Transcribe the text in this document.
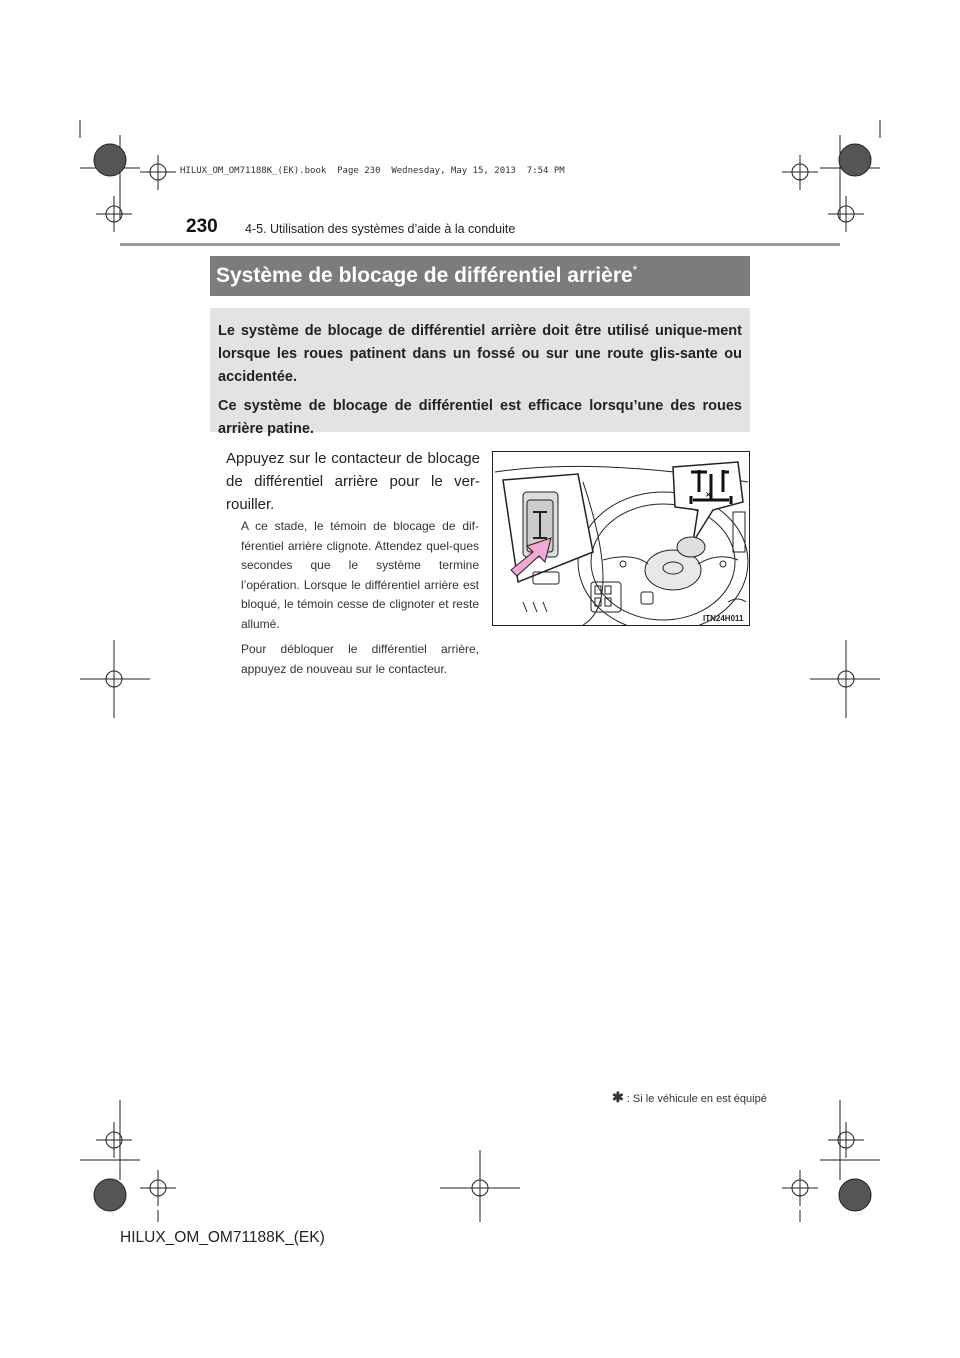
HILUX_OM_OM71188K_(EK).book  Page 230  Wednesday, May 15, 2013  7:54 PM
230 4-5. Utilisation des systèmes d’aide à la conduite
Système de blocage de différentiel arrière*

Le système de blocage de différentiel arrière doit être utilisé unique-ment lorsque les roues patinent dans un fossé ou sur une route glis-sante ou accidentée.

Ce système de blocage de différentiel est efficace lorsqu’une des roues arrière patine.

Appuyez sur le contacteur de blocage de différentiel arrière pour le ver-rouiller.
A ce stade, le témoin de blocage de dif-férentiel arrière clignote. Attendez quel-ques secondes que le système termine l’opération. Lorsque le différentiel arrière est bloqué, le témoin cesse de clignoter et reste allumé.
Pour débloquer le différentiel arrière, appuyez de nouveau sur le contacteur.
×
ITN24H011
✱ : Si le véhicule en est équipé
HILUX_OM_OM71188K_(EK)
